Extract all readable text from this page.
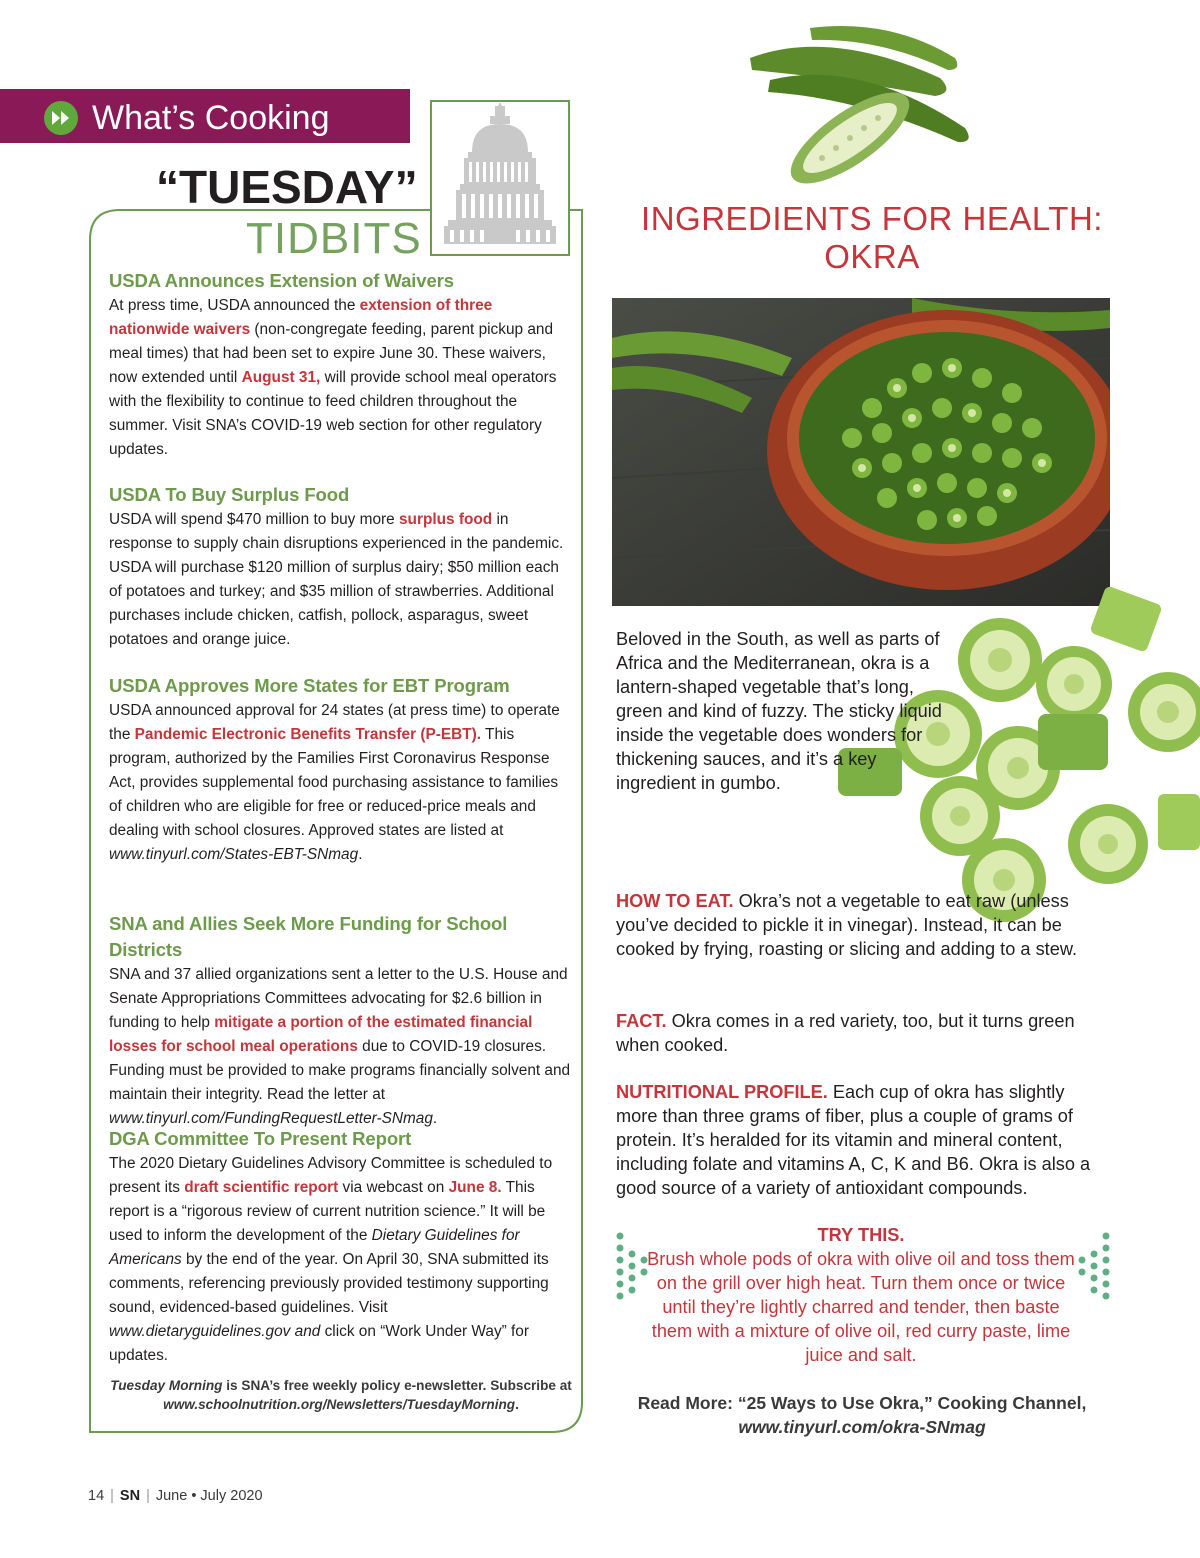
What’s Cooking
“TUESDAY”
TIDBITS
USDA Announces Extension of Waivers

At press time, USDA announced the extension of three nationwide waivers (non-congregate feeding, parent pickup and meal times) that had been set to expire June 30. These waivers, now extended until August 31, will provide school meal operators with the flexibility to continue to feed children throughout the summer. Visit SNA’s COVID-19 web section for other regulatory updates.

USDA To Buy Surplus Food

USDA will spend $470 million to buy more surplus food in response to supply chain disruptions experienced in the pandemic. USDA will purchase $120 million of surplus dairy; $50 million each of potatoes and turkey; and $35 million of strawberries. Additional purchases include chicken, catfish, pollock, asparagus, sweet potatoes and orange juice.

USDA Approves More States for EBT Program

USDA announced approval for 24 states (at press time) to operate the Pandemic Electronic Benefits Transfer (P-EBT). This program, authorized by the Families First Coronavirus Response Act, provides supplemental food purchasing assistance to families of children who are eligible for free or reduced-price meals and dealing with school closures. Approved states are listed at www.tinyurl.com/States-EBT-SNmag.

SNA and Allies Seek More Funding for School Districts

SNA and 37 allied organizations sent a letter to the U.S. House and Senate Appropriations Committees advocating for $2.6 billion in funding to help mitigate a portion of the estimated financial losses for school meal operations due to COVID-19 closures. Funding must be provided to make programs financially solvent and maintain their integrity. Read the letter at www.tinyurl.com/FundingRequestLetter-SNmag.

DGA Committee To Present Report

The 2020 Dietary Guidelines Advisory Committee is scheduled to present its draft scientific report via webcast on June 8. This report is a “rigorous review of current nutrition science.” It will be used to inform the development of the Dietary Guidelines for Americans by the end of the year. On April 30, SNA submitted its comments, referencing previously provided testimony supporting sound, evidenced-based guidelines. Visit www.dietaryguidelines.gov and click on “Work Under Way” for updates.

Tuesday Morning is SNA’s free weekly policy e-newsletter. Subscribe at www.schoolnutrition.org/Newsletters/TuesdayMorning.
INGREDIENTS FOR HEALTH:
OKRA
Beloved in the South, as well as parts of Africa and the Mediterranean, okra is a lantern-shaped vegetable that’s long, green and kind of fuzzy. The sticky liquid inside the vegetable does wonders for thickening sauces, and it’s a key ingredient in gumbo.
HOW TO EAT. Okra’s not a vegetable to eat raw (unless you’ve decided to pickle it in vinegar). Instead, it can be cooked by frying, roasting or slicing and adding to a stew.
FACT. Okra comes in a red variety, too, but it turns green when cooked.
NUTRITIONAL PROFILE. Each cup of okra has slightly more than three grams of fiber, plus a couple of grams of protein. It’s heralded for its vitamin and mineral content, including folate and vitamins A, C, K and B6. Okra is also a good source of a variety of antioxidant compounds.
TRY THIS.
Brush whole pods of okra with olive oil and toss them on the grill over high heat. Turn them once or twice until they’re lightly charred and tender, then baste them with a mixture of olive oil, red curry paste, lime juice and salt.
Read More: “25 Ways to Use Okra,” Cooking Channel,
www.tinyurl.com/okra-SNmag
14 | SN | June • July 2020
